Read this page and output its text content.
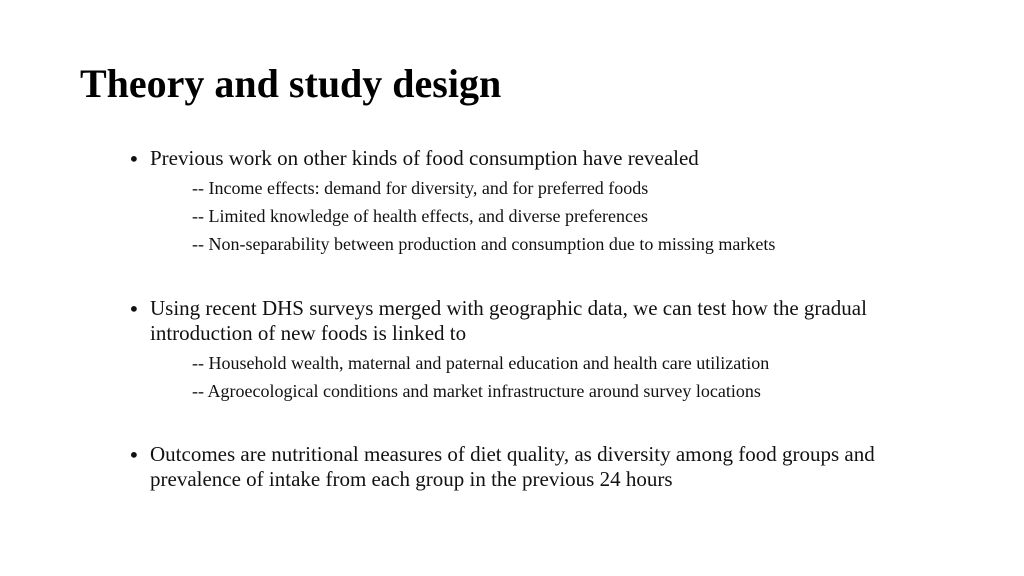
Theory and study design
• Previous work on other kinds of food consumption have revealed

-- Income effects: demand for diversity, and for preferred foods

-- Limited knowledge of health effects, and diverse preferences

-- Non-separability between production and consumption due to missing markets

• Using recent DHS surveys merged with geographic data, we can test how the gradual introduction of new foods is linked to

-- Household wealth, maternal and paternal education and health care utilization

-- Agroecological conditions and market infrastructure around survey locations

• Outcomes are nutritional measures of diet quality, as diversity among food groups and prevalence of intake from each group in the previous 24 hours
